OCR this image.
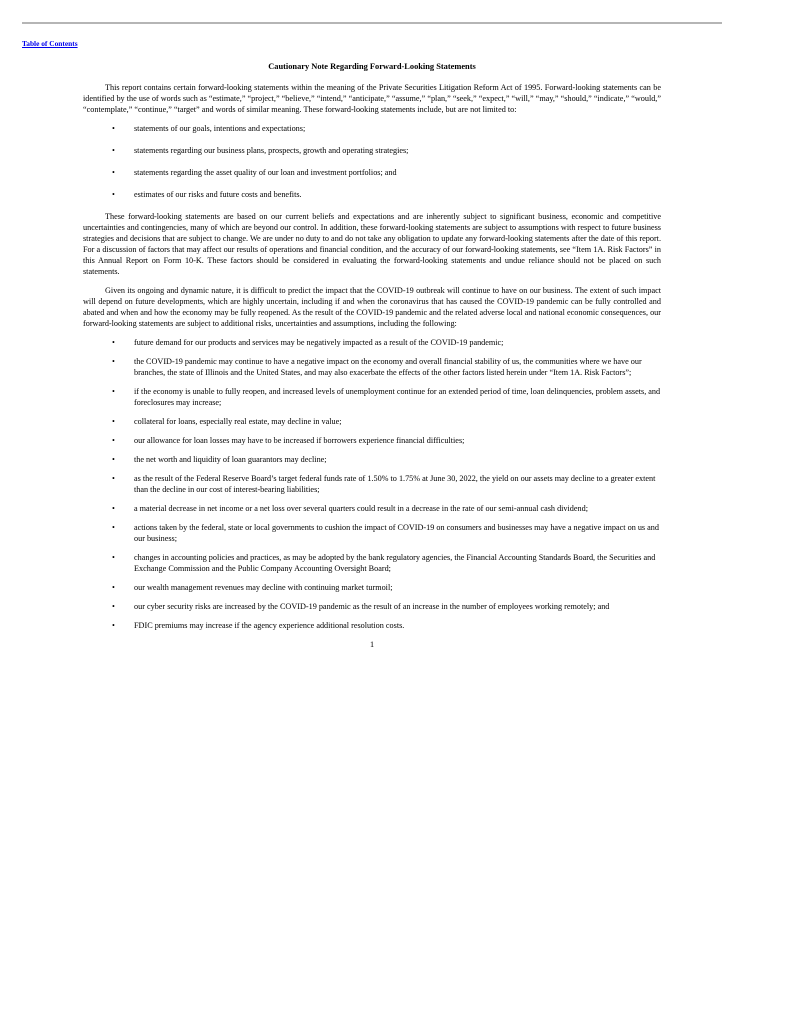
Table of Contents
Cautionary Note Regarding Forward-Looking Statements

This report contains certain forward-looking statements within the meaning of the Private Securities Litigation Reform Act of 1995. Forward-looking statements can be identified by the use of words such as “estimate,” “project,” “believe,” “intend,” “anticipate,” “assume,” “plan,” “seek,” “expect,” “will,” “may,” “should,” “indicate,” “would,” “contemplate,” “continue,” “target” and words of similar meaning. These forward-looking statements include, but are not limited to:

• statements of our goals, intentions and expectations;
• statements regarding our business plans, prospects, growth and operating strategies;
• statements regarding the asset quality of our loan and investment portfolios; and
• estimates of our risks and future costs and benefits.

These forward-looking statements are based on our current beliefs and expectations and are inherently subject to significant business, economic and competitive uncertainties and contingencies, many of which are beyond our control. In addition, these forward-looking statements are subject to assumptions with respect to future business strategies and decisions that are subject to change. We are under no duty to and do not take any obligation to update any forward-looking statements after the date of this report. For a discussion of factors that may affect our results of operations and financial condition, and the accuracy of our forward-looking statements, see “Item 1A. Risk Factors” in this Annual Report on Form 10-K. These factors should be considered in evaluating the forward-looking statements and undue reliance should not be placed on such statements.

Given its ongoing and dynamic nature, it is difficult to predict the impact that the COVID-19 outbreak will continue to have on our business. The extent of such impact will depend on future developments, which are highly uncertain, including if and when the coronavirus that has caused the COVID-19 pandemic can be fully controlled and abated and when and how the economy may be fully reopened. As the result of the COVID-19 pandemic and the related adverse local and national economic consequences, our forward-looking statements are subject to additional risks, uncertainties and assumptions, including the following:

• future demand for our products and services may be negatively impacted as a result of the COVID-19 pandemic;
• the COVID-19 pandemic may continue to have a negative impact on the economy and overall financial stability of us, the communities where we have our branches, the state of Illinois and the United States, and may also exacerbate the effects of the other factors listed herein under “Item 1A. Risk Factors”;
• if the economy is unable to fully reopen, and increased levels of unemployment continue for an extended period of time, loan delinquencies, problem assets, and foreclosures may increase;
• collateral for loans, especially real estate, may decline in value;
• our allowance for loan losses may have to be increased if borrowers experience financial difficulties;
• the net worth and liquidity of loan guarantors may decline;
• as the result of the Federal Reserve Board’s target federal funds rate of 1.50% to 1.75% at June 30, 2022, the yield on our assets may decline to a greater extent than the decline in our cost of interest-bearing liabilities;
• a material decrease in net income or a net loss over several quarters could result in a decrease in the rate of our semi-annual cash dividend;
• actions taken by the federal, state or local governments to cushion the impact of COVID-19 on consumers and businesses may have a negative impact on us and our business;
• changes in accounting policies and practices, as may be adopted by the bank regulatory agencies, the Financial Accounting Standards Board, the Securities and Exchange Commission and the Public Company Accounting Oversight Board;
• our wealth management revenues may decline with continuing market turmoil;
• our cyber security risks are increased by the COVID-19 pandemic as the result of an increase in the number of employees working remotely; and
• FDIC premiums may increase if the agency experience additional resolution costs.
1
